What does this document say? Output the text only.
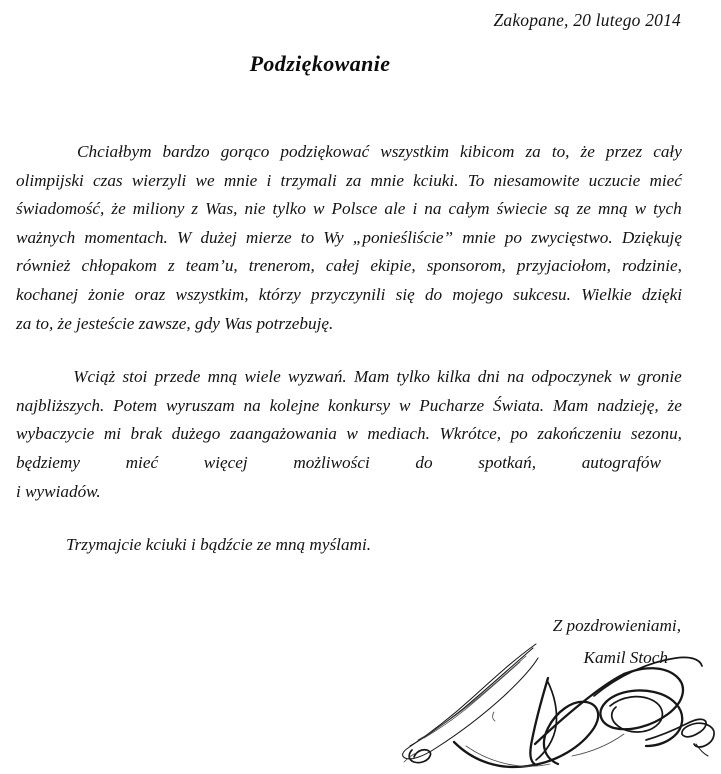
Zakopane, 20 lutego 2014
Podziękowanie
Chciałbym bardzo gorąco podziękować wszystkim kibicom za to, że przez cały
olimpijski czas wierzyli we mnie i trzymali za mnie kciuki. To niesamowite uczucie mieć
świadomość, że miliony z Was, nie tylko w Polsce ale i na całym świecie są ze mną w tych
ważnych momentach. W dużej mierze to Wy „ponieśliście” mnie po zwycięstwo. Dziękuję
również chłopakom z team’u, trenerom, całej ekipie, sponsorom, przyjaciołom, rodzinie,
kochanej żonie oraz wszystkim, którzy przyczynili się do mojego sukcesu. Wielkie dzięki
za to, że jesteście zawsze, gdy Was potrzebuję.
Wciąż stoi przede mną wiele wyzwań. Mam tylko kilka dni na odpoczynek w gronie
najbliższych. Potem wyruszam na kolejne konkursy w Pucharze Świata. Mam nadzieję, że
wybaczycie mi brak dużego zaangażowania w mediach. Wkrótce, po zakończeniu sezonu,
będziemy	mieć	więcej	możliwości	do	spotkań,	autografów
i wywiadów.
Trzymajcie kciuki i bądźcie ze mną myślami.
Z pozdrowieniami,
Kamil Stoch
